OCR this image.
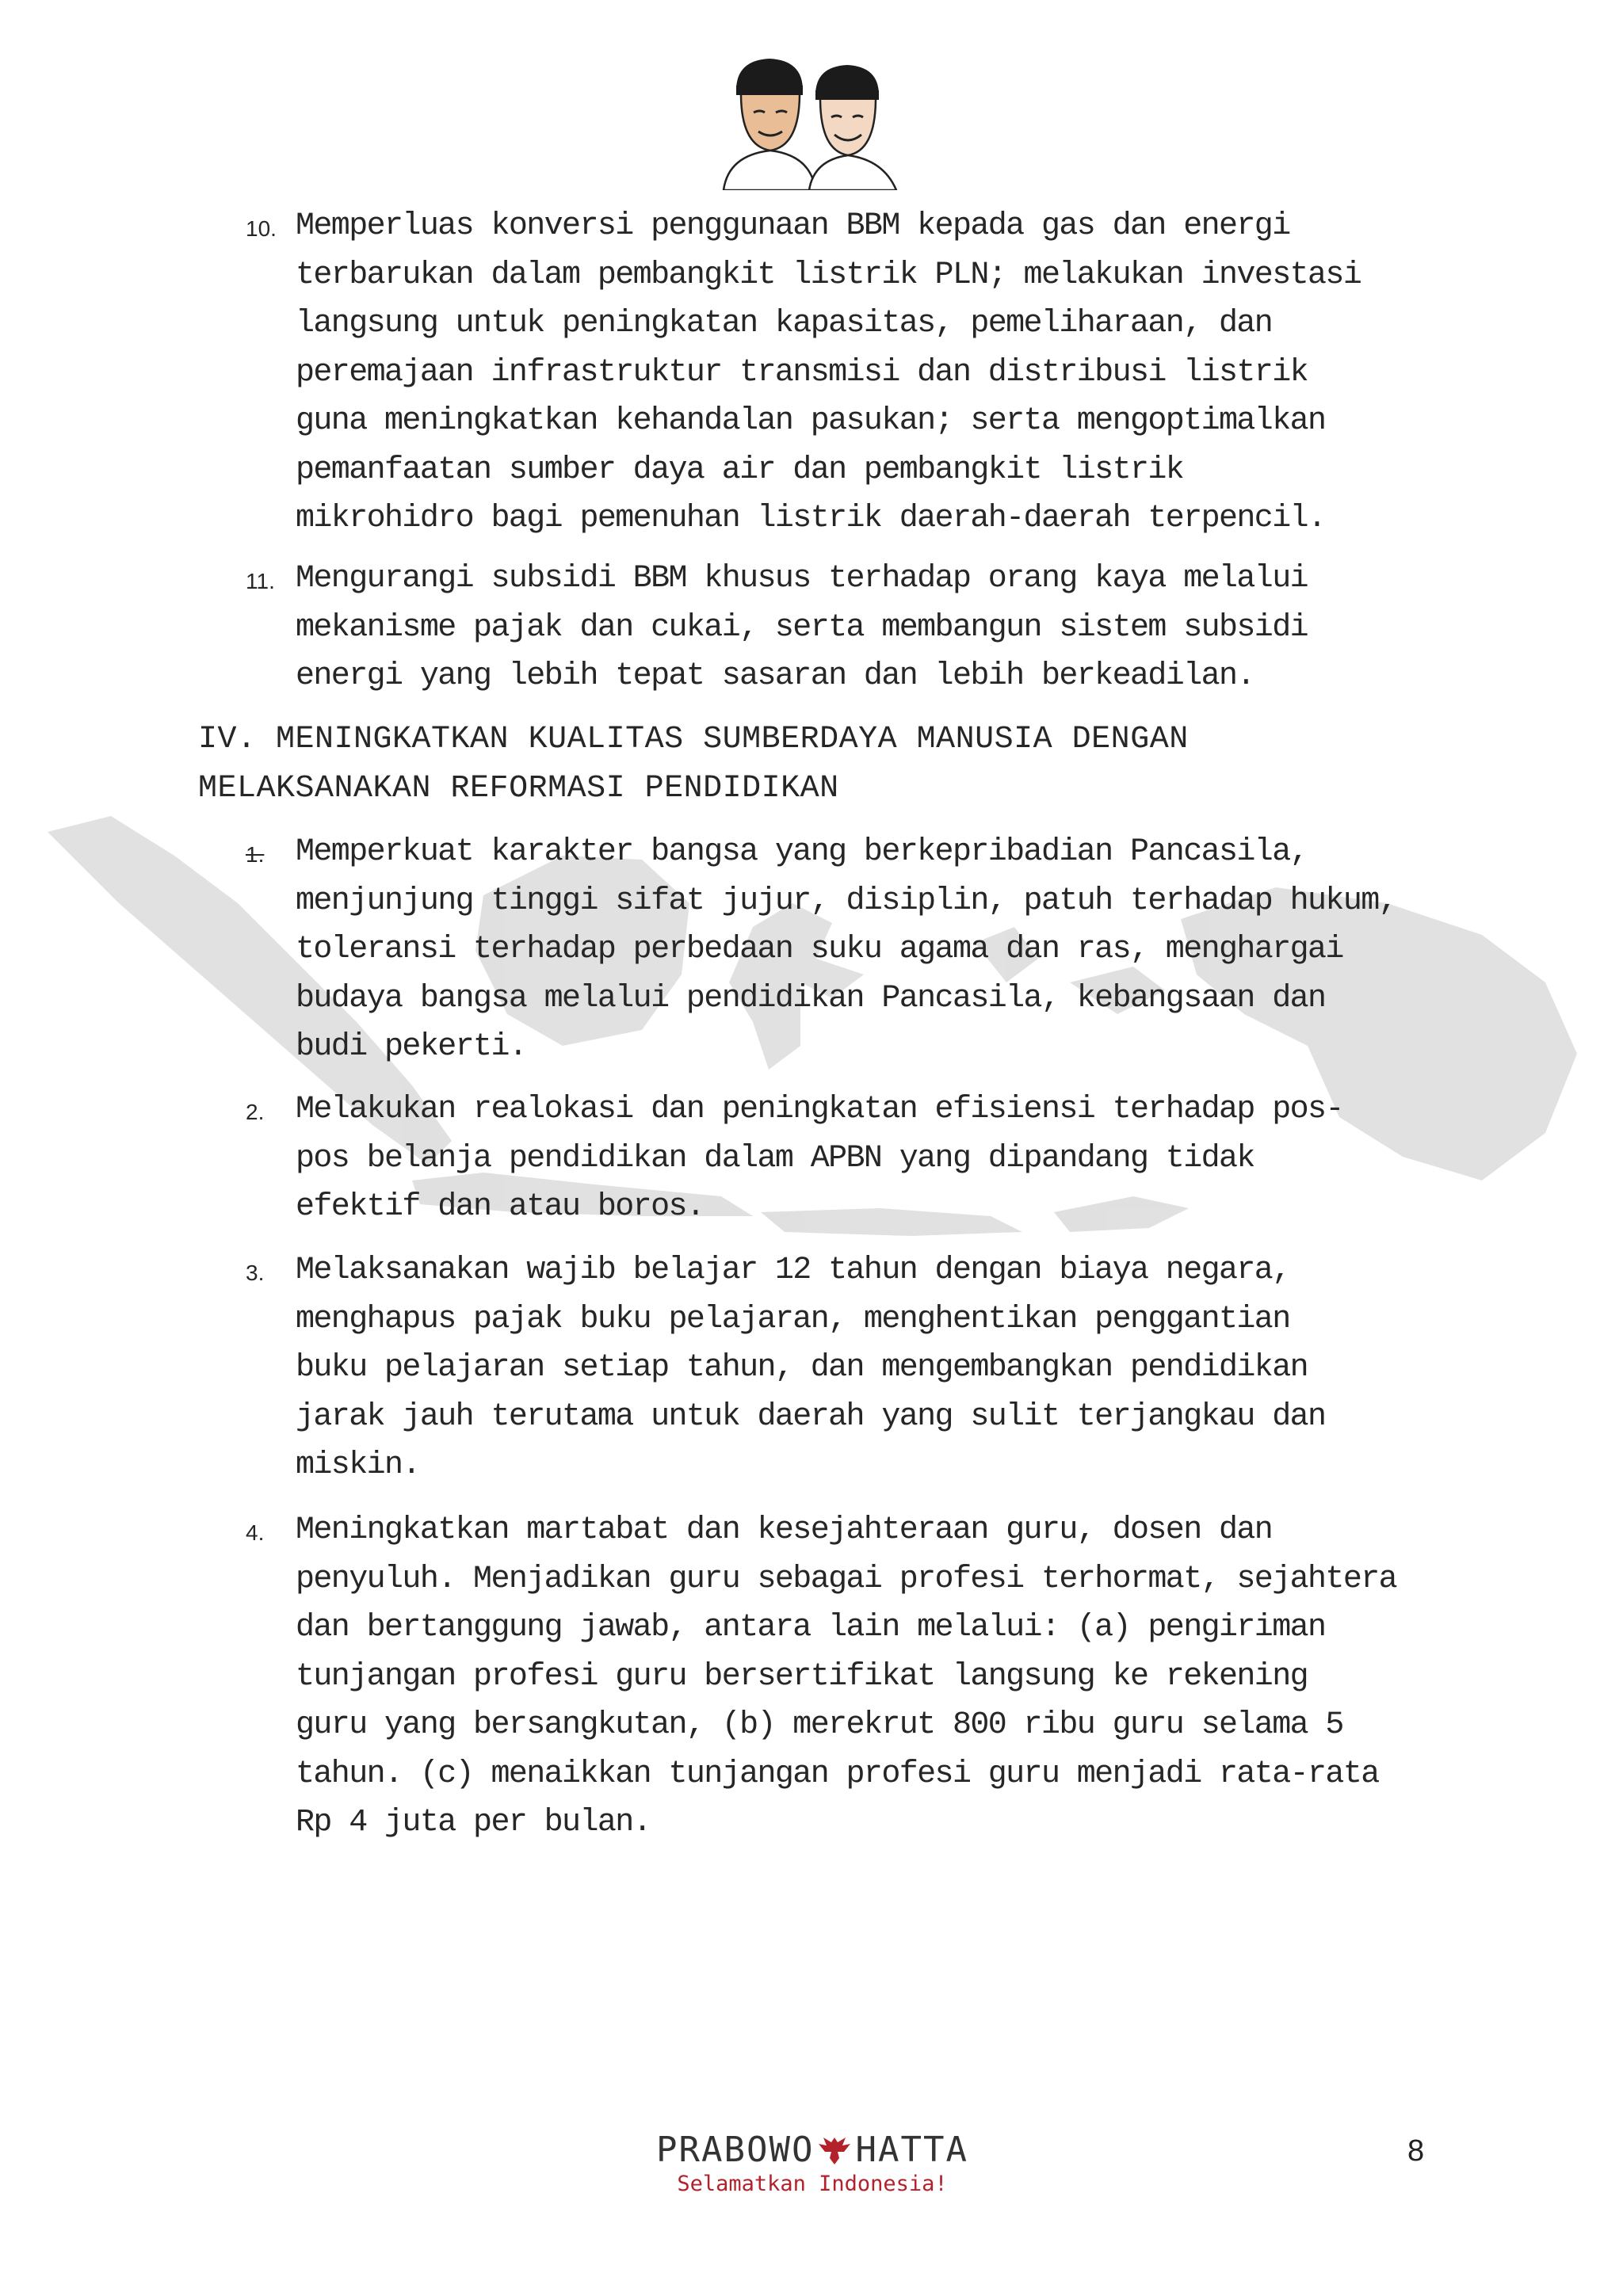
10. Memperluas konversi penggunaan BBM kepada gas dan energi
terbarukan dalam pembangkit listrik PLN; melakukan investasi
langsung untuk peningkatan kapasitas, pemeliharaan, dan
peremajaan infrastruktur transmisi dan distribusi listrik
guna meningkatkan kehandalan pasukan; serta mengoptimalkan
pemanfaatan sumber daya air dan pembangkit listrik
mikrohidro bagi pemenuhan listrik daerah-daerah terpencil.
11. Mengurangi subsidi BBM khusus terhadap orang kaya melalui
mekanisme pajak dan cukai, serta membangun sistem subsidi
energi yang lebih tepat sasaran dan lebih berkeadilan.
IV. MENINGKATKAN KUALITAS SUMBERDAYA MANUSIA DENGAN
MELAKSANAKAN REFORMASI PENDIDIKAN
1. Memperkuat karakter bangsa yang berkepribadian Pancasila,
menjunjung tinggi sifat jujur, disiplin, patuh terhadap hukum,
toleransi terhadap perbedaan suku agama dan ras, menghargai
budaya bangsa melalui pendidikan Pancasila, kebangsaan dan
budi pekerti.
2. Melakukan realokasi dan peningkatan efisiensi terhadap pos-
pos belanja pendidikan dalam APBN yang dipandang tidak
efektif dan atau boros.
3. Melaksanakan wajib belajar 12 tahun dengan biaya negara,
menghapus pajak buku pelajaran, menghentikan penggantian
buku pelajaran setiap tahun, dan mengembangkan pendidikan
jarak jauh terutama untuk daerah yang sulit terjangkau dan
miskin.
4. Meningkatkan martabat dan kesejahteraan guru, dosen dan
penyuluh. Menjadikan guru sebagai profesi terhormat, sejahtera
dan bertanggung jawab, antara lain melalui: (a) pengiriman
tunjangan profesi guru bersertifikat langsung ke rekening
guru yang bersangkutan, (b) merekrut 800 ribu guru selama 5
tahun. (c) menaikkan tunjangan profesi guru menjadi rata-rata
Rp 4 juta per bulan.
PRABOWO HATTA
Selamatkan Indonesia!
8
